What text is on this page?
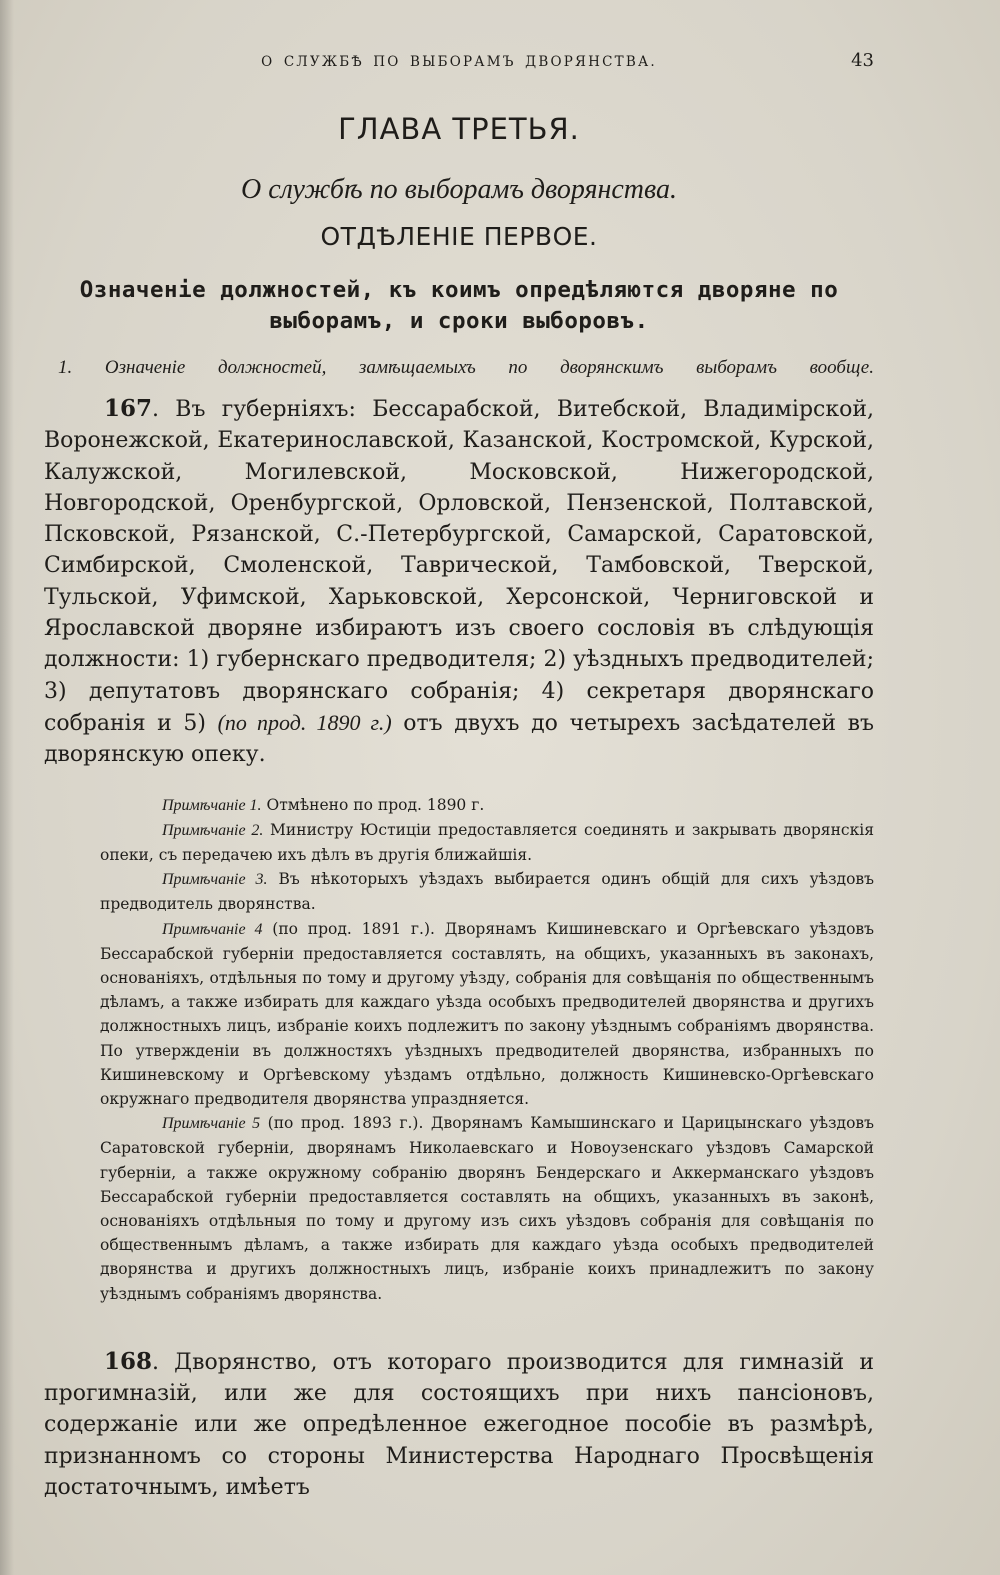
О СЛУЖБѢ ПО ВЫБОРАМЪ ДВОРЯНСТВА.	43
ГЛАВА ТРЕТЬЯ.
О службѣ по выборамъ дворянства.
ОТДѢЛЕНІЕ ПЕРВОЕ.
Означеніе должностей, къ коимъ опредѣляются дворяне по выборамъ, и сроки выборовъ.
1. Означеніе должностей, замѣщаемыхъ по дворянскимъ выборамъ вообще.

167. Въ губерніяхъ: Бессарабской, Витебской, Владимірской, Воронежской, Екатеринославской, Казанской, Костромской, Курской, Калужской, Могилевской, Московской, Нижегородской, Новгородской, Оренбургской, Орловской, Пензенской, Полтавской, Псковской, Рязанской, С.-Петербургской, Самарской, Саратовской, Симбирской, Смоленской, Таврической, Тамбовской, Тверской, Тульской, Уфимской, Харьковской, Херсонской, Черниговской и Ярославской дворяне избираютъ изъ своего сословія въ слѣдующія должности: 1) губернскаго предводителя; 2) уѣздныхъ предводителей; 3) депутатовъ дворянскаго собранія; 4) секретаря дворянскаго собранія и 5) (по прод. 1890 г.) отъ двухъ до четырехъ засѣдателей въ дворянскую опеку.

Примѣчаніе 1. Отмѣнено по прод. 1890 г.

Примѣчаніе 2. Министру Юстиціи предоставляется соединять и закрывать дворянскія опеки, съ передачею ихъ дѣлъ въ другія ближайшія.

Примѣчаніе 3. Въ нѣкоторыхъ уѣздахъ выбирается одинъ общій для сихъ уѣздовъ предводитель дворянства.

Примѣчаніе 4 (по прод. 1891 г.). Дворянамъ Кишиневскаго и Оргѣевскаго уѣздовъ Бессарабской губерніи предоставляется составлять, на общихъ, указанныхъ въ законахъ, основаніяхъ, отдѣльныя по тому и другому уѣзду, собранія для совѣщанія по общественнымъ дѣламъ, а также избирать для каждаго уѣзда особыхъ предводителей дворянства и другихъ должностныхъ лицъ, избраніе коихъ подлежитъ по закону уѣзднымъ собраніямъ дворянства. По утвержденіи въ должностяхъ уѣздныхъ предводителей дворянства, избранныхъ по Кишиневскому и Оргѣевскому уѣздамъ отдѣльно, должность Кишиневско-Оргѣевскаго окружнаго предводителя дворянства упраздняется.

Примѣчаніе 5 (по прод. 1893 г.). Дворянамъ Камышинскаго и Царицынскаго уѣздовъ Саратовской губерніи, дворянамъ Николаевскаго и Новоузенскаго уѣздовъ Самарской губерніи, а также окружному собранію дворянъ Бендерскаго и Аккерманскаго уѣздовъ Бессарабской губерніи предоставляется составлять на общихъ, указанныхъ въ законѣ, основаніяхъ отдѣльныя по тому и другому изъ сихъ уѣздовъ собранія для совѣщанія по общественнымъ дѣламъ, а также избирать для каждаго уѣзда особыхъ предводителей дворянства и другихъ должностныхъ лицъ, избраніе коихъ принадлежитъ по закону уѣзднымъ собраніямъ дворянства.

168. Дворянство, отъ котораго производится для гимназій и прогимназій, или же для состоящихъ при нихъ пансіоновъ, содержаніе или же опредѣленное ежегодное пособіе въ размѣрѣ, признанномъ со стороны Министерства Народнаго Просвѣщенія достаточнымъ, имѣетъ
